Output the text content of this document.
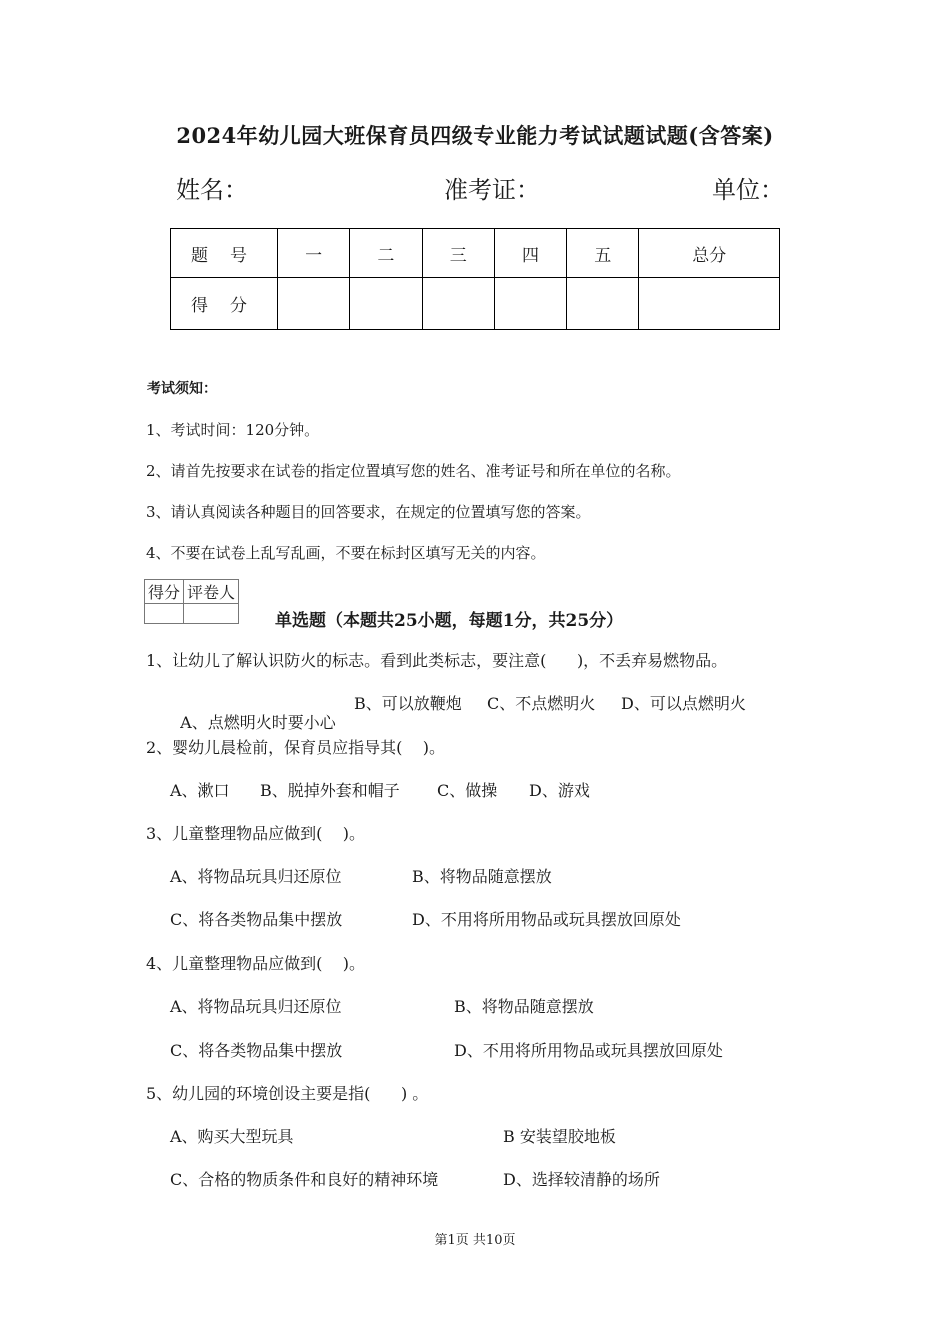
2024年幼儿园大班保育员四级专业能力考试试题试题(含答案)
姓名：	准考证：	单位：
题号	一	二	三	四	五	总分
得分						
考试须知：
1、考试时间：120分钟。
2、请首先按要求在试卷的指定位置填写您的姓名、准考证号和所在单位的名称。
3、请认真阅读各种题目的回答要求，在规定的位置填写您的答案。
4、不要在试卷上乱写乱画，不要在标封区填写无关的内容。
得分	评卷人

单选题（本题共25小题，每题1分，共25分）
1、让幼儿了解认识防火的标志。看到此类标志，要注意(      )，不丢弃易燃物品。

A、点燃明火时要小心

B、可以放鞭炮 C、不点燃明火 D、可以点燃明火
2、婴幼儿晨检前，保育员应指导其(    )。
A、漱口 B、脱掉外套和帽子 C、做操 D、游戏
3、儿童整理物品应做到(    )。
A、将物品玩具归还原位	B、将物品随意摆放
C、将各类物品集中摆放	D、不用将所用物品或玩具摆放回原处
4、儿童整理物品应做到(    )。
A、将物品玩具归还原位	B、将物品随意摆放
C、将各类物品集中摆放	D、不用将所用物品或玩具摆放回原处
5、幼儿园的环境创设主要是指(      ) 。
A、购买大型玩具	B 安装望胶地板
C、合格的物质条件和良好的精神环境	D、选择较清静的场所
第1页 共10页
